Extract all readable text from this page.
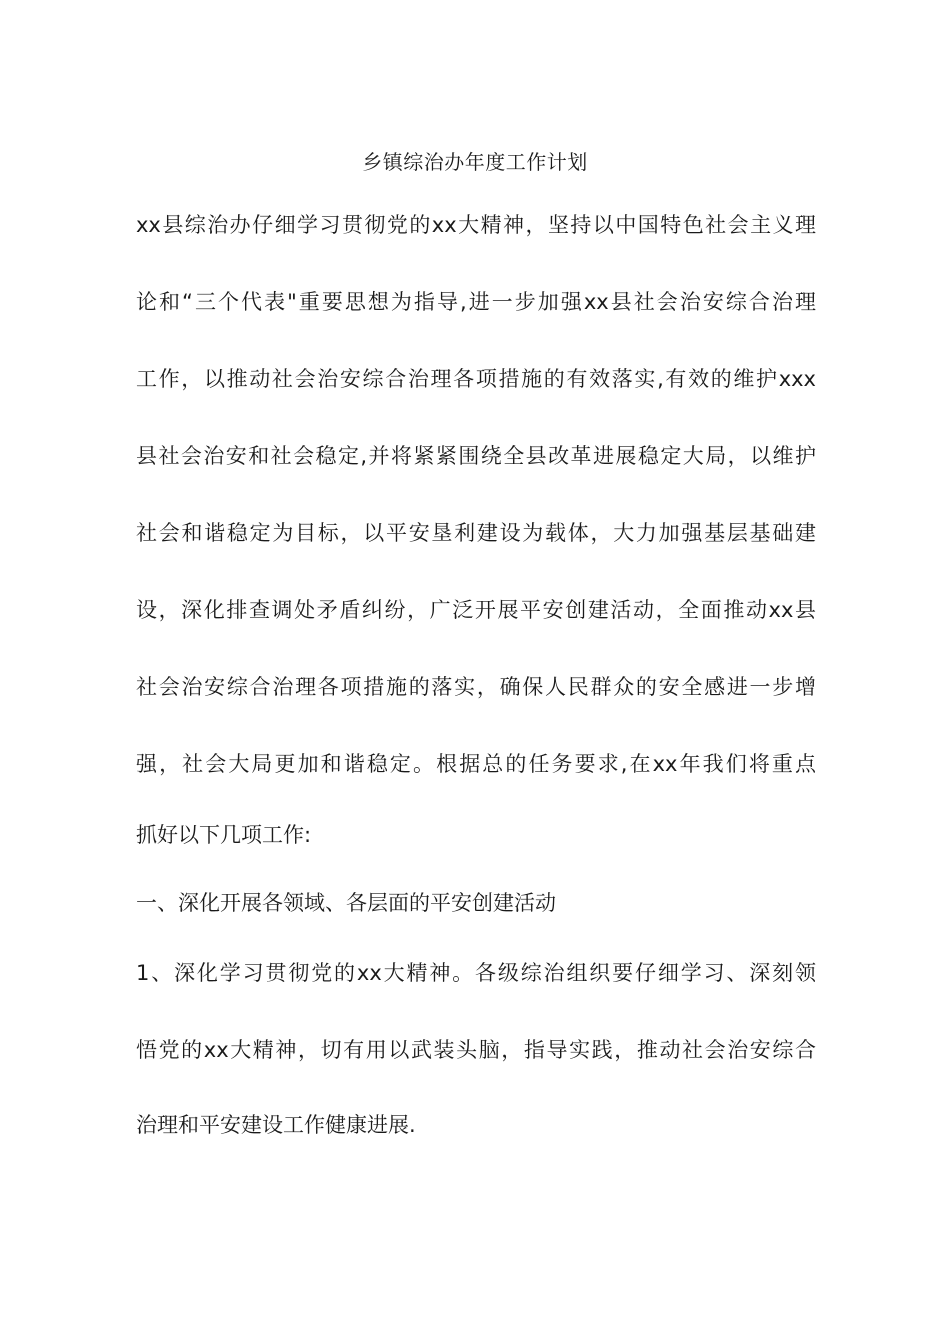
乡镇综治办年度工作计划
xx县综治办仔细学习贯彻党的xx大精神，坚持以中国特色社会主义理
论和“三个代表"重要思想为指导,进一步加强xx县社会治安综合治理
工作，以推动社会治安综合治理各项措施的有效落实,有效的维护xxx
县社会治安和社会稳定,并将紧紧围绕全县改革进展稳定大局，以维护
社会和谐稳定为目标，以平安垦利建设为载体，大力加强基层基础建
设，深化排查调处矛盾纠纷，广泛开展平安创建活动，全面推动xx县
社会治安综合治理各项措施的落实，确保人民群众的安全感进一步增
强，社会大局更加和谐稳定。根据总的任务要求,在xx年我们将重点
抓好以下几项工作:
一、深化开展各领域、各层面的平安创建活动
1、深化学习贯彻党的xx大精神。各级综治组织要仔细学习、深刻领
悟党的xx大精神，切有用以武装头脑，指导实践，推动社会治安综合
治理和平安建设工作健康进展.
